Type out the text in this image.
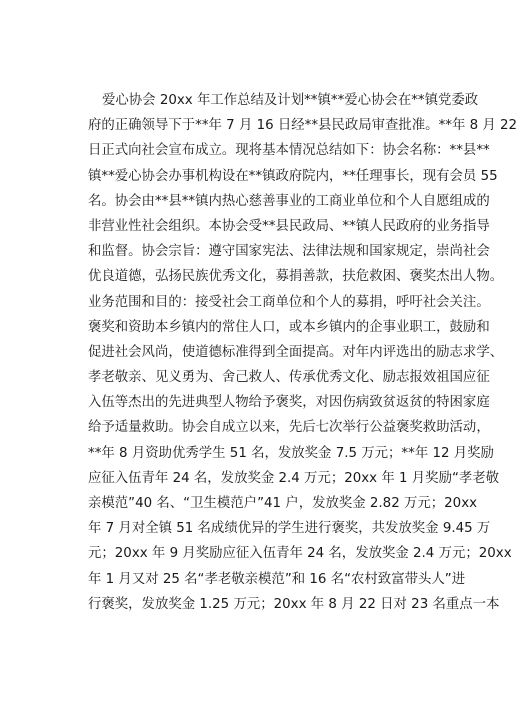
爱心协会 20xx 年工作总结及计划**镇**爱心协会在**镇党委政
府的正确领导下于**年 7 月 16 日经**县民政局审查批准。**年 8 月 22
日正式向社会宣布成立。现将基本情况总结如下：协会名称：**县**
镇**爱心协会办事机构设在**镇政府院内，**任理事长，现有会员 55
名。协会由**县**镇内热心慈善事业的工商业单位和个人自愿组成的
非营业性社会组织。本协会受**县民政局、**镇人民政府的业务指导
和监督。协会宗旨：遵守国家宪法、法律法规和国家规定，崇尚社会
优良道德，弘扬民族优秀文化，募捐善款，扶危救困、褒奖杰出人物。
业务范围和目的：接受社会工商单位和个人的募捐，呼吁社会关注。
褒奖和资助本乡镇内的常住人口，或本乡镇内的企事业职工，鼓励和
促进社会风尚，使道德标准得到全面提高。对年内评选出的励志求学、
孝老敬亲、见义勇为、舍己救人、传承优秀文化、励志报效祖国应征
入伍等杰出的先进典型人物给予褒奖，对因伤病致贫返贫的特困家庭
给予适量救助。协会自成立以来，先后七次举行公益褒奖救助活动，
**年 8 月资助优秀学生 51 名，发放奖金 7.5 万元；**年 12 月奖励
应征入伍青年 24 名，发放奖金 2.4 万元；20xx 年 1 月奖励“孝老敬
亲模范”40 名、“卫生模范户”41 户，发放奖金 2.82 万元；20xx
年 7 月对全镇 51 名成绩优异的学生进行褒奖，共发放奖金 9.45 万
元；20xx 年 9 月奖励应征入伍青年 24 名，发放奖金 2.4 万元；20xx
年 1 月又对 25 名“孝老敬亲模范”和 16 名“农村致富带头人”进
行褒奖，发放奖金 1.25 万元；20xx 年 8 月 22 日对 23 名重点一本
